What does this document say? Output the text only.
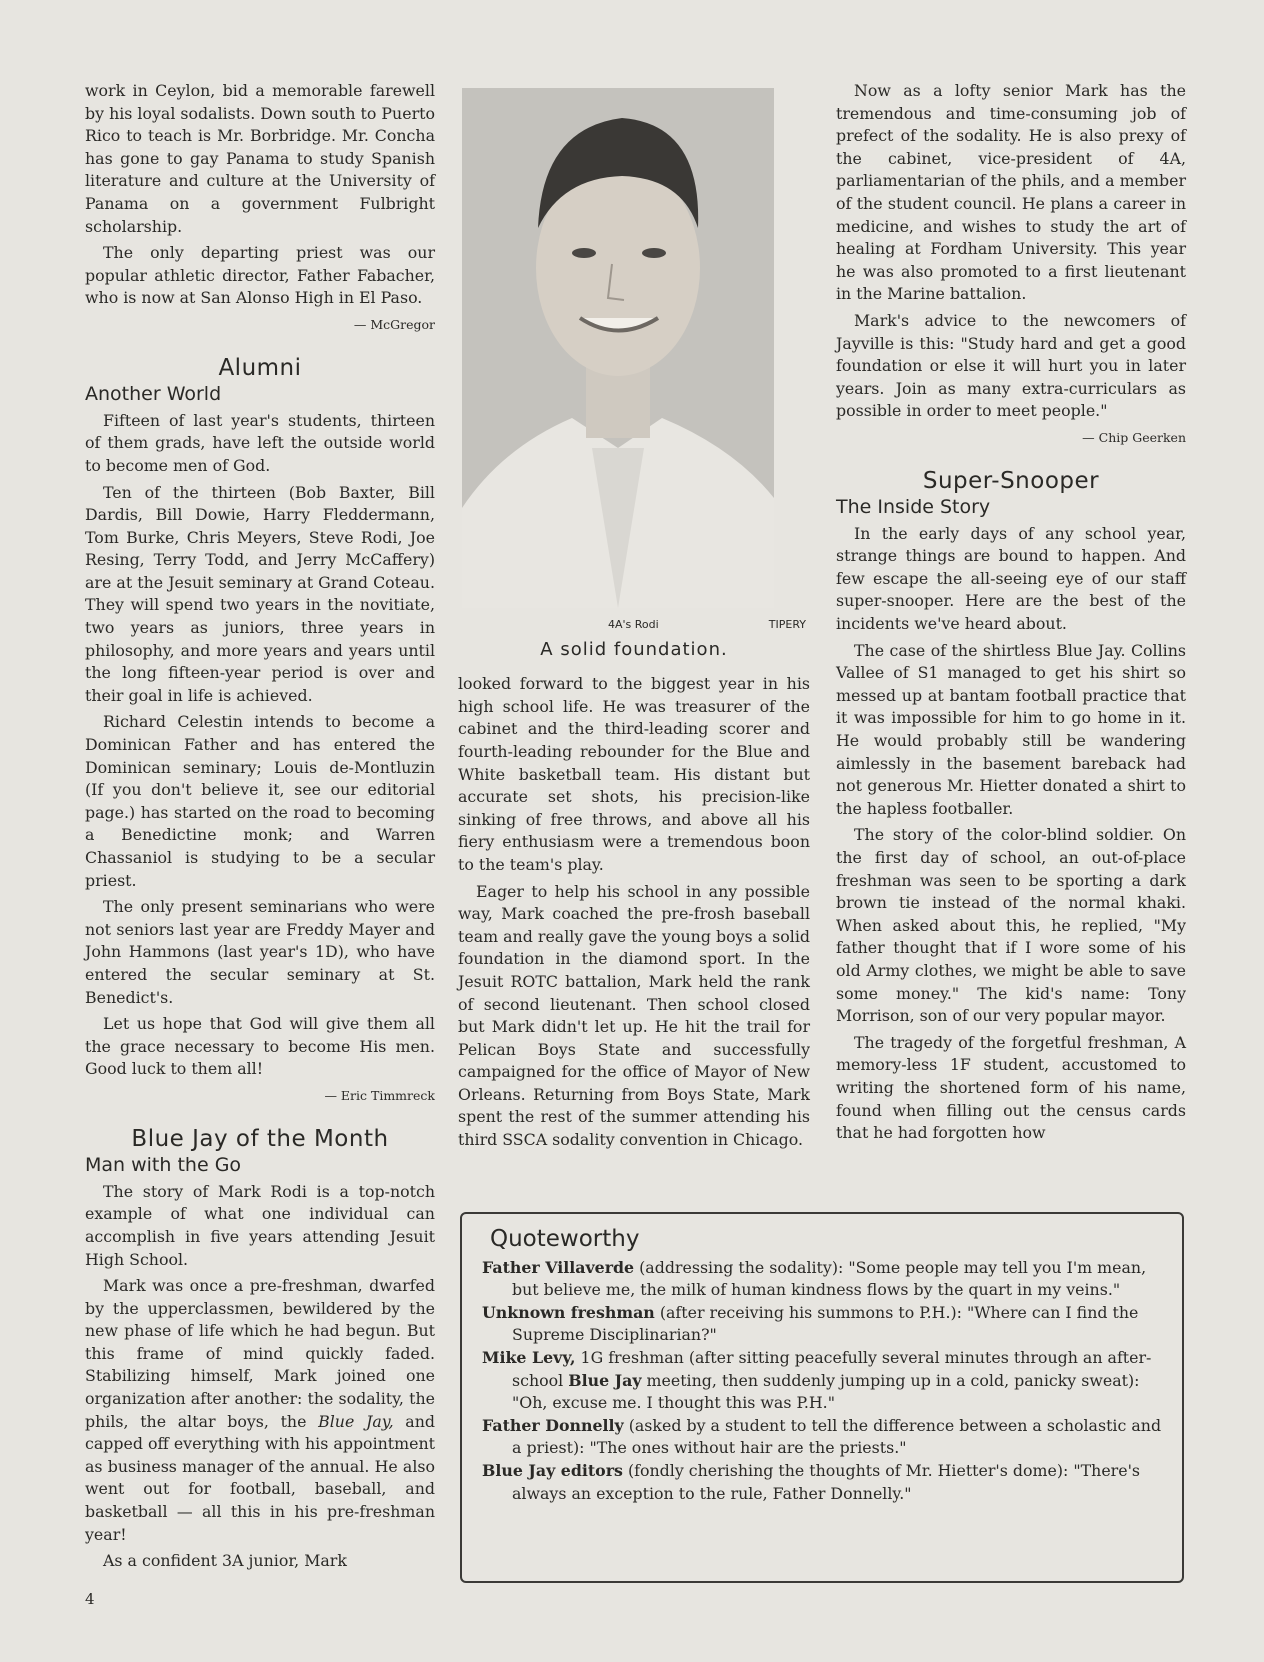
work in Ceylon, bid a memorable farewell by his loyal sodalists. Down south to Puerto Rico to teach is Mr. Borbridge. Mr. Concha has gone to gay Panama to study Spanish literature and culture at the University of Panama on a government Fulbright scholarship.

The only departing priest was our popular athletic director, Father Fabacher, who is now at San Alonso High in El Paso.

— McGregor
Alumni
Another World

Fifteen of last year's students, thirteen of them grads, have left the outside world to become men of God.

Ten of the thirteen (Bob Baxter, Bill Dardis, Bill Dowie, Harry Fleddermann, Tom Burke, Chris Meyers, Steve Rodi, Joe Resing, Terry Todd, and Jerry McCaffery) are at the Jesuit seminary at Grand Coteau. They will spend two years in the novitiate, two years as juniors, three years in philosophy, and more years and years until the long fifteen-year period is over and their goal in life is achieved.

Richard Celestin intends to become a Dominican Father and has entered the Dominican seminary; Louis de-Montluzin (If you don't believe it, see our editorial page.) has started on the road to becoming a Benedictine monk; and Warren Chassaniol is studying to be a secular priest.

The only present seminarians who were not seniors last year are Freddy Mayer and John Hammons (last year's 1D), who have entered the secular seminary at St. Benedict's.

Let us hope that God will give them all the grace necessary to become His men. Good luck to them all!

— Eric Timmreck
Blue Jay of the Month
Man with the Go

The story of Mark Rodi is a top-notch example of what one individual can accomplish in five years attending Jesuit High School.

Mark was once a pre-freshman, dwarfed by the upperclassmen, bewildered by the new phase of life which he had begun. But this frame of mind quickly faded. Stabilizing himself, Mark joined one organization after another: the sodality, the phils, the altar boys, the Blue Jay, and capped off everything with his appointment as business manager of the annual. He also went out for football, baseball, and basketball — all this in his pre-freshman year!

As a confident 3A junior, Mark

4A's Rodi	TIPERY
A solid foundation.

looked forward to the biggest year in his high school life. He was treasurer of the cabinet and the third-leading scorer and fourth-leading rebounder for the Blue and White basketball team. His distant but accurate set shots, his precision-like sinking of free throws, and above all his fiery enthusiasm were a tremendous boon to the team's play.

Eager to help his school in any possible way, Mark coached the pre-frosh baseball team and really gave the young boys a solid foundation in the diamond sport. In the Jesuit ROTC battalion, Mark held the rank of second lieutenant. Then school closed but Mark didn't let up. He hit the trail for Pelican Boys State and successfully campaigned for the office of Mayor of New Orleans. Returning from Boys State, Mark spent the rest of the summer attending his third SSCA sodality convention in Chicago.

Now as a lofty senior Mark has the tremendous and time-consuming job of prefect of the sodality. He is also prexy of the cabinet, vice-president of 4A, parliamentarian of the phils, and a member of the student council. He plans a career in medicine, and wishes to study the art of healing at Fordham University. This year he was also promoted to a first lieutenant in the Marine battalion.

Mark's advice to the newcomers of Jayville is this: "Study hard and get a good foundation or else it will hurt you in later years. Join as many extra-curriculars as possible in order to meet people."

— Chip Geerken
Super-Snooper
The Inside Story

In the early days of any school year, strange things are bound to happen. And few escape the all-seeing eye of our staff super-snooper. Here are the best of the incidents we've heard about.

The case of the shirtless Blue Jay. Collins Vallee of S1 managed to get his shirt so messed up at bantam football practice that it was impossible for him to go home in it. He would probably still be wandering aimlessly in the basement bareback had not generous Mr. Hietter donated a shirt to the hapless footballer.

The story of the color-blind soldier. On the first day of school, an out-of-place freshman was seen to be sporting a dark brown tie instead of the normal khaki. When asked about this, he replied, "My father thought that if I wore some of his old Army clothes, we might be able to save some money." The kid's name: Tony Morrison, son of our very popular mayor.

The tragedy of the forgetful freshman, A memory-less 1F student, accustomed to writing the shortened form of his name, found when filling out the census cards that he had forgotten how

Quoteworthy

Father Villaverde (addressing the sodality): "Some people may tell you I'm mean, but believe me, the milk of human kindness flows by the quart in my veins."

Unknown freshman (after receiving his summons to P.H.): "Where can I find the Supreme Disciplinarian?"

Mike Levy, 1G freshman (after sitting peacefully several minutes through an after-school Blue Jay meeting, then suddenly jumping up in a cold, panicky sweat): "Oh, excuse me. I thought this was P.H."

Father Donnelly (asked by a student to tell the difference between a scholastic and a priest): "The ones without hair are the priests."

Blue Jay editors (fondly cherishing the thoughts of Mr. Hietter's dome): "There's always an exception to the rule, Father Donnelly."

4
